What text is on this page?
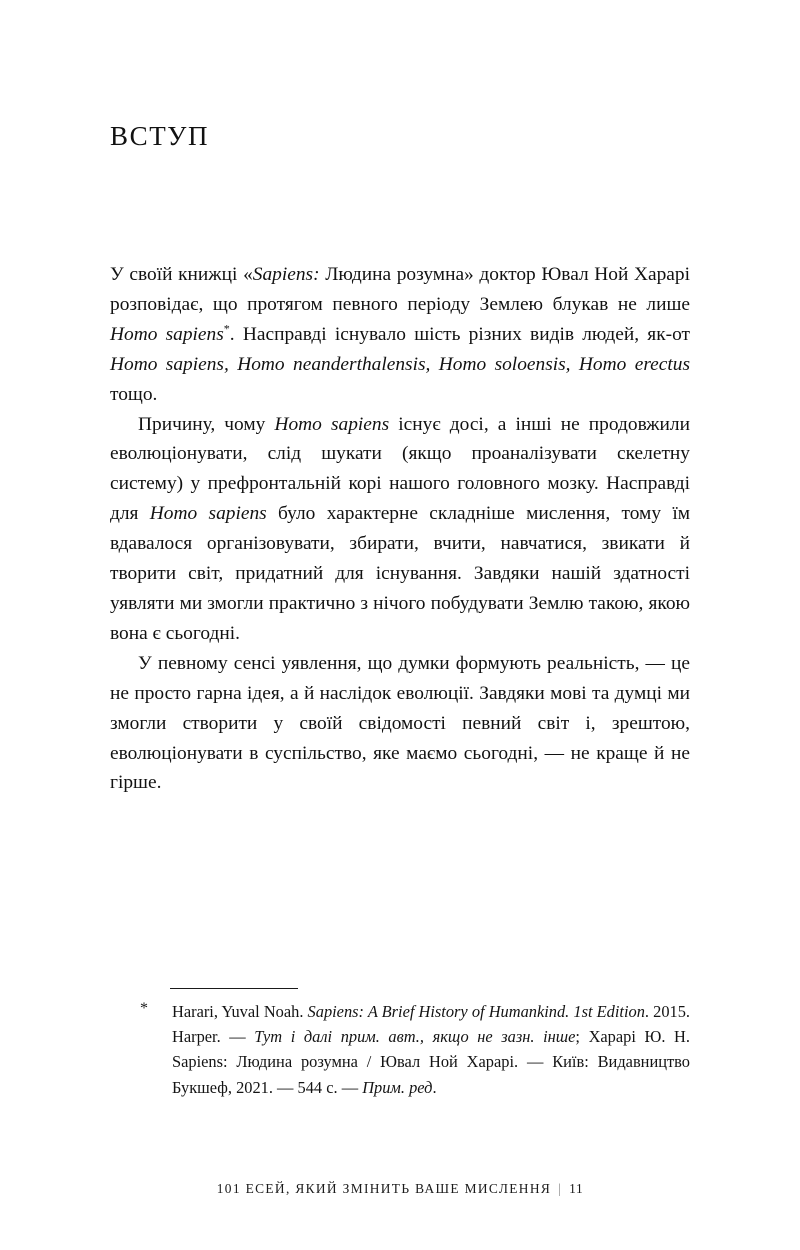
ВСТУП

У своїй книжці «Sapiens: Людина розумна» доктор Ювал Ной Харарі розповідає, що протягом певного періоду Землею блукав не лише Homo sapiens*. Насправді існувало шість різних видів людей, як-от Homo sapiens, Homo neanderthalensis, Homo soloensis, Homo erectus тощо.

Причину, чому Homo sapiens існує досі, а інші не продовжили еволюціонувати, слід шукати (якщо проаналізувати скелетну систему) у префронтальній корі нашого головного мозку. Насправді для Homo sapiens було характерне складніше мислення, тому їм вдавалося організовувати, збирати, вчити, навчатися, звикати й творити світ, придатний для існування. Завдяки нашій здатності уявляти ми змогли практично з нічого побудувати Землю такою, якою вона є сьогодні.

У певному сенсі уявлення, що думки формують реальність, — це не просто гарна ідея, а й наслідок еволюції. Завдяки мові та думці ми змогли створити у своїй свідомості певний світ і, зрештою, еволюціонувати в суспільство, яке маємо сьогодні, — не краще й не гірше.

*	Harari, Yuval Noah. Sapiens: A Brief History of Humankind. 1st Edition. 2015. Harper. — Тут і далі прим. авт., якщо не зазн. інше; Харарі Ю. Н. Sapiens: Людина розумна / Ювал Ной Харарі. — Київ: Видавництво Букшеф, 2021. — 544 с. — Прим. ред.

101 ЕСЕЙ, ЯКИЙ ЗМІНИТЬ ВАШЕ МИСЛЕННЯ | 11
